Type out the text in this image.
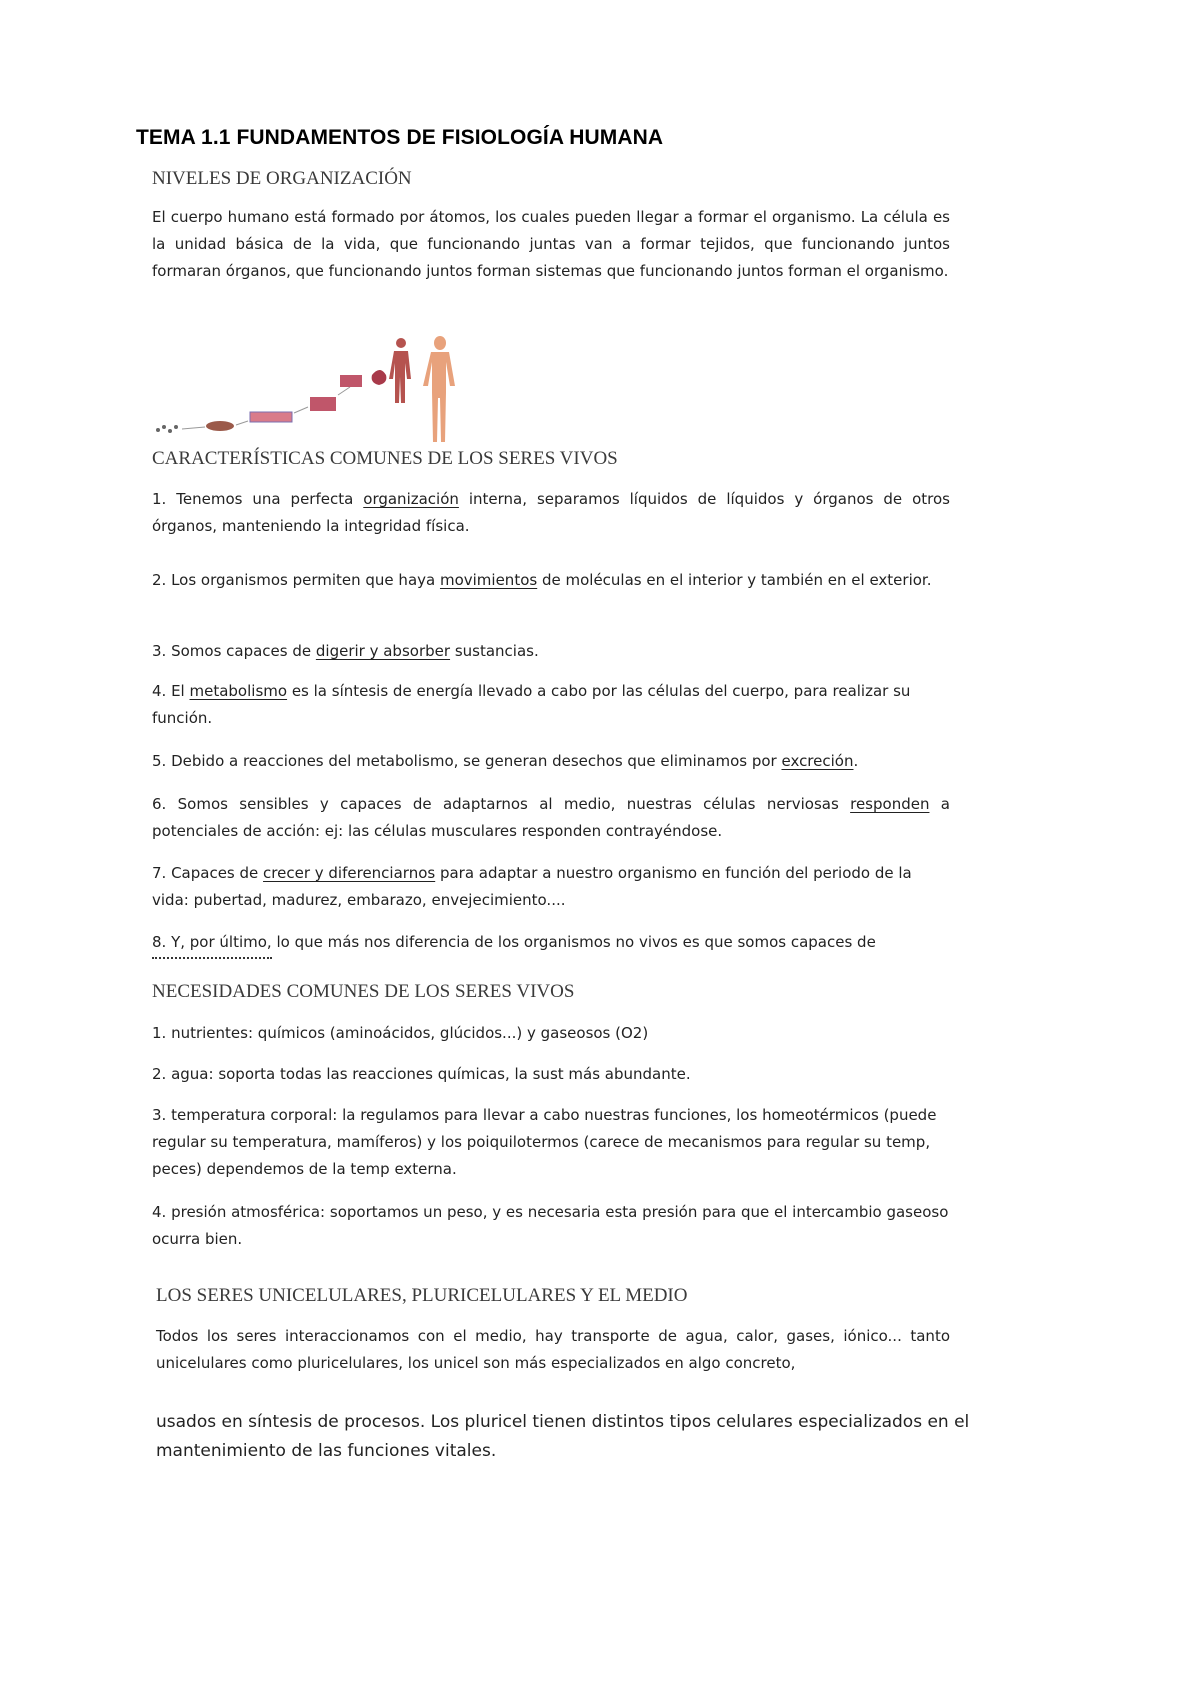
TEMA 1.1 FUNDAMENTOS DE FISIOLOGÍA HUMANA
NIVELES DE ORGANIZACIÓN
El cuerpo humano está formado por átomos, los cuales pueden llegar a formar el organismo. La célula es la unidad básica de la vida, que funcionando juntas van a formar tejidos, que funcionando juntos formaran órganos, que funcionando juntos forman sistemas que funcionando juntos forman el organismo.
CARACTERÍSTICAS COMUNES DE LOS SERES VIVOS
1. Tenemos una perfecta organización interna, separamos líquidos de líquidos y órganos de otros órganos, manteniendo la integridad física.
2. Los organismos permiten que haya movimientos de moléculas en el interior y también en el exterior.
3. Somos capaces de digerir y absorber sustancias.
4. El metabolismo es la síntesis de energía llevado a cabo por las células del cuerpo, para realizar su función.
5. Debido a reacciones del metabolismo, se generan desechos que eliminamos por excreción.
6. Somos sensibles y capaces de adaptarnos al medio, nuestras células nerviosas responden a potenciales de acción: ej: las células musculares responden contrayéndose.
7. Capaces de crecer y diferenciarnos para adaptar a nuestro organismo en función del periodo de la vida: pubertad, madurez, embarazo, envejecimiento....
8. Y, por último, lo que más nos diferencia de los organismos no vivos es que somos capaces de
NECESIDADES COMUNES DE LOS SERES VIVOS
1. nutrientes: químicos (aminoácidos, glúcidos...) y gaseosos (O2)
2. agua: soporta todas las reacciones químicas, la sust más abundante.
3. temperatura corporal: la regulamos para llevar a cabo nuestras funciones, los homeotérmicos (puede regular su temperatura, mamíferos) y los poiquilotermos (carece de mecanismos para regular su temp, peces) dependemos de la temp externa.
4. presión atmosférica: soportamos un peso, y es necesaria esta presión para que el intercambio gaseoso ocurra bien.
LOS SERES UNICELULARES, PLURICELULARES Y EL MEDIO
Todos los seres interaccionamos con el medio, hay transporte de agua, calor, gases, iónico... tanto unicelulares como pluricelulares, los unicel son más especializados en algo concreto,
usados en síntesis de procesos. Los pluricel tienen distintos tipos celulares especializados en el mantenimiento de las funciones vitales.
